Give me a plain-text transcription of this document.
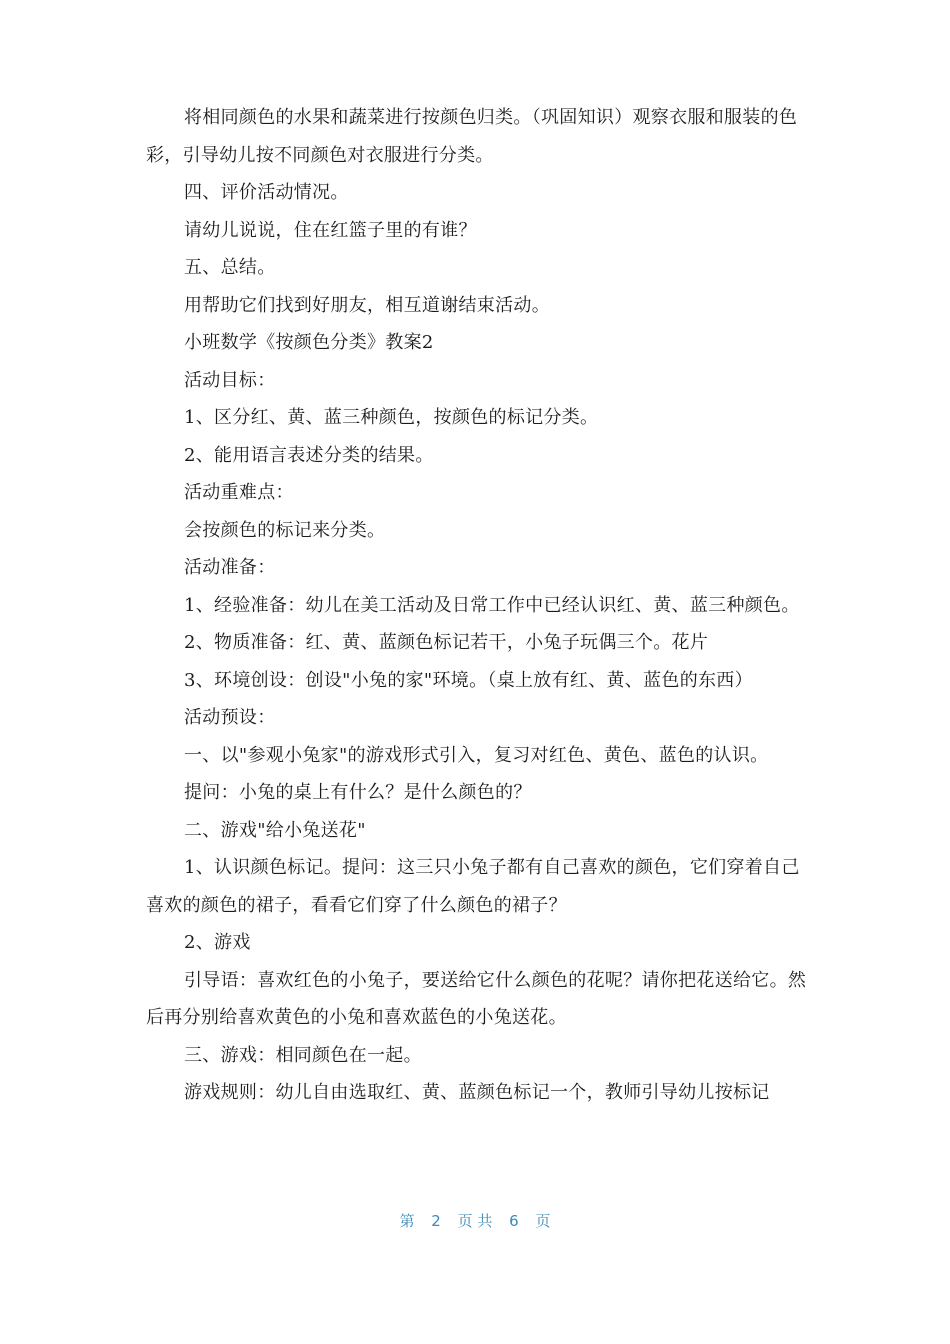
将相同颜色的水果和蔬菜进行按颜色归类。（巩固知识）观察衣服和服装的色彩，引导幼儿按不同颜色对衣服进行分类。

四、评价活动情况。

请幼儿说说，住在红篮子里的有谁？

五、总结。

用帮助它们找到好朋友，相互道谢结束活动。

小班数学《按颜色分类》教案2

活动目标：

1、区分红、黄、蓝三种颜色，按颜色的标记分类。

2、能用语言表述分类的结果。

活动重难点：

会按颜色的标记来分类。

活动准备：

1、经验准备：幼儿在美工活动及日常工作中已经认识红、黄、蓝三种颜色。

2、物质准备：红、黄、蓝颜色标记若干，小兔子玩偶三个。花片

3、环境创设：创设"小兔的家"环境。（桌上放有红、黄、蓝色的东西）

活动预设：

一、以"参观小兔家"的游戏形式引入，复习对红色、黄色、蓝色的认识。

提问：小兔的桌上有什么？是什么颜色的？

二、游戏"给小兔送花"

1、认识颜色标记。提问：这三只小兔子都有自己喜欢的颜色，它们穿着自己喜欢的颜色的裙子，看看它们穿了什么颜色的裙子？

2、游戏

引导语：喜欢红色的小兔子，要送给它什么颜色的花呢？请你把花送给它。然后再分别给喜欢黄色的小兔和喜欢蓝色的小兔送花。

三、游戏：相同颜色在一起。

游戏规则：幼儿自由选取红、黄、蓝颜色标记一个，教师引导幼儿按标记

第 2 页 共 6 页
